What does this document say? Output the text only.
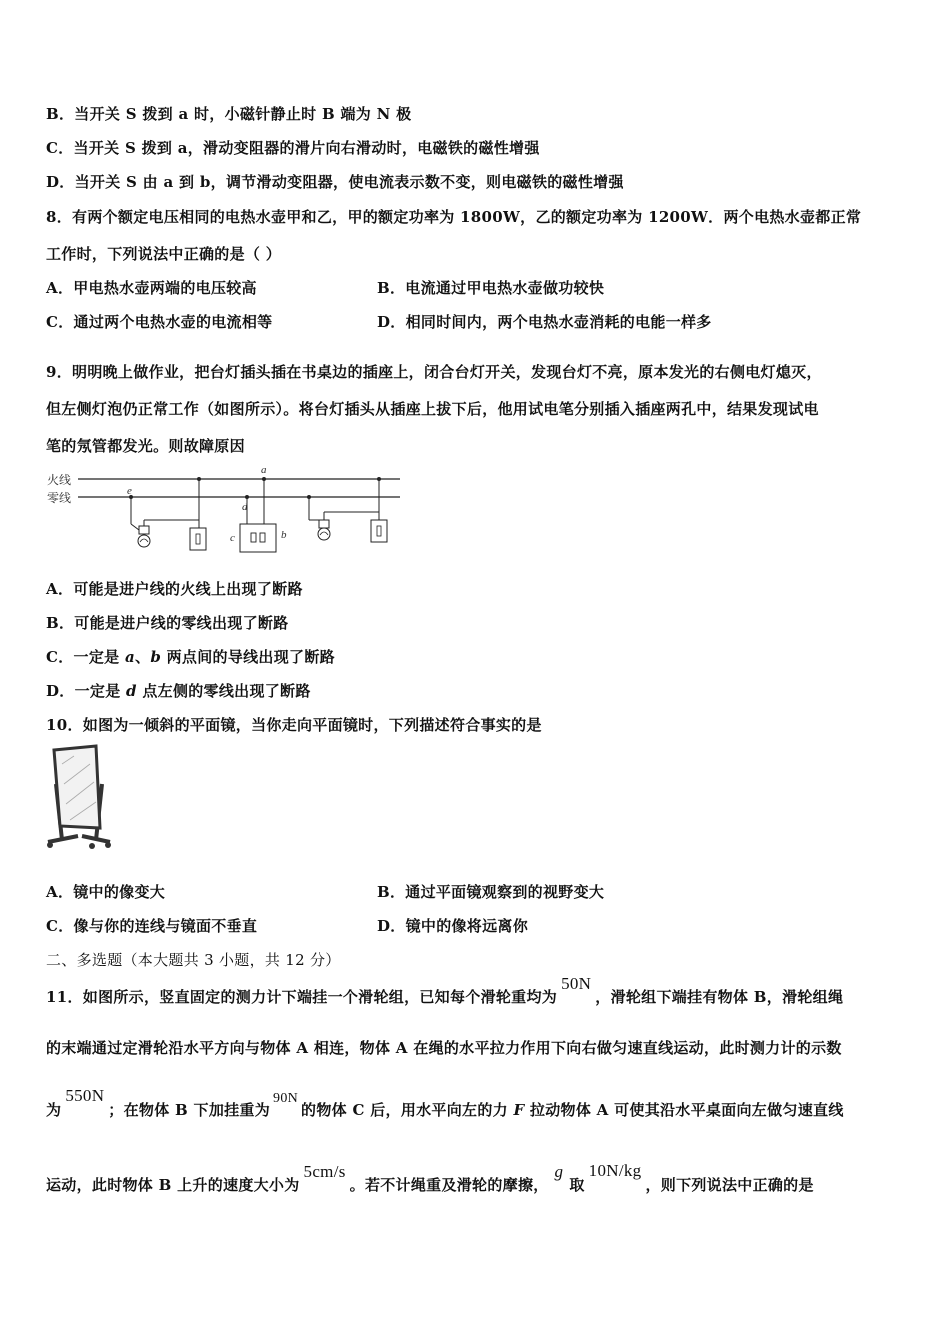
B．当开关 S 拨到 a 时，小磁针静止时 B 端为 N 极
C．当开关 S 拨到 a，滑动变阻器的滑片向右滑动时，电磁铁的磁性增强
D．当开关 S 由 a 到 b，调节滑动变阻器，使电流表示数不变，则电磁铁的磁性增强
8．有两个额定电压相同的电热水壶甲和乙，甲的额定功率为 1800W，乙的额定功率为 1200W．两个电热水壶都正常
工作时，下列说法中正确的是（ ）
A．甲电热水壶两端的电压较高	B．电流通过甲电热水壶做功较快
C．通过两个电热水壶的电流相等	D．相同时间内，两个电热水壶消耗的电能一样多
9．明明晚上做作业，把台灯插头插在书桌边的插座上，闭合台灯开关，发现台灯不亮，原本发光的右侧电灯熄灭，
但左侧灯泡仍正常工作（如图所示）。将台灯插头从插座上拔下后，他用试电笔分别插入插座两孔中，结果发现试电
笔的氖管都发光。则故障原因
火线
零线
a
d
c	b
e
A．可能是进户线的火线上出现了断路
B．可能是进户线的零线出现了断路
C．一定是 a、b 两点间的导线出现了断路
D．一定是 d 点左侧的零线出现了断路
10．如图为一倾斜的平面镜，当你走向平面镜时，下列描述符合事实的是
A．镜中的像变大	B．通过平面镜观察到的视野变大
C．像与你的连线与镜面不垂直	D．镜中的像将远离你
二、多选题（本大题共 3 小题，共 12 分）
11．如图所示，竖直固定的测力计下端挂一个滑轮组，已知每个滑轮重均为50N，滑轮组下端挂有物体 B，滑轮组绳
的末端通过定滑轮沿水平方向与物体 A 相连，物体 A 在绳的水平拉力作用下向右做匀速直线运动，此时测力计的示数
为550N；在物体 B 下加挂重为90N的物体 C 后，用水平向左的力 F 拉动物体 A 可使其沿水平桌面向左做匀速直线
运动，此时物体 B 上升的速度大小为5cm/s。若不计绳重及滑轮的摩擦，g取10N/kg，则下列说法中正确的是
